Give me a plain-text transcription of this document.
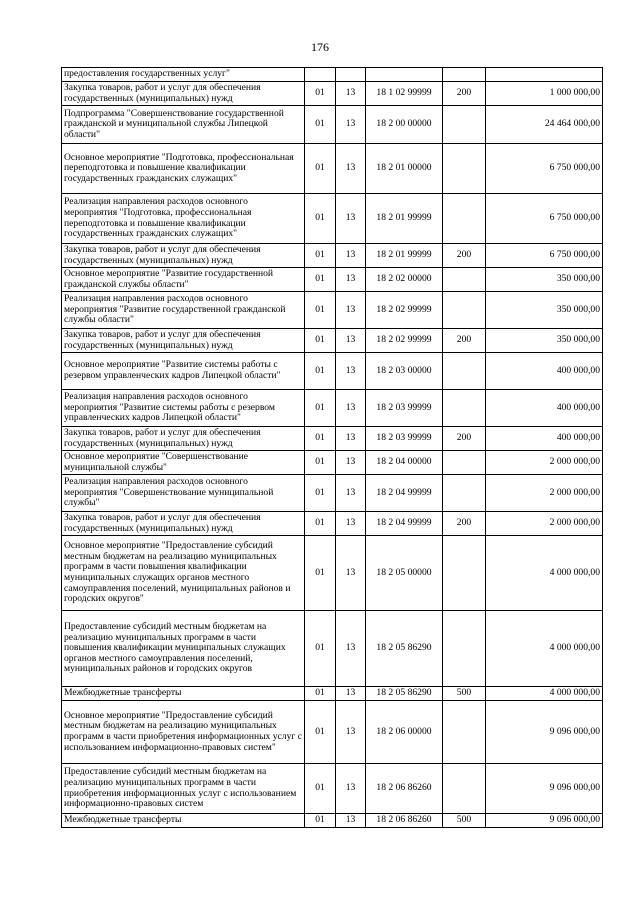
176
предоставления государственных услуг"					
Закупка товаров, работ и услуг для обеспечения государственных (муниципальных) нужд	01	13	18 1 02 99999	200	1 000 000,00
Подпрограмма "Совершенствование государственной гражданской и муниципальной службы Липецкой области"	01	13	18 2 00 00000		24 464 000,00
Основное мероприятие "Подготовка, профессиональная переподготовка и повышение квалификации государственных гражданских служащих"	01	13	18 2 01 00000		6 750 000,00
Реализация направления расходов основного мероприятия "Подготовка, профессиональная переподготовка и повышение квалификации государственных гражданских служащих"	01	13	18 2 01 99999		6 750 000,00
Закупка товаров, работ и услуг для обеспечения государственных (муниципальных) нужд	01	13	18 2 01 99999	200	6 750 000,00
Основное мероприятие "Развитие государственной гражданской службы области"	01	13	18 2 02 00000		350 000,00
Реализация направления расходов основного мероприятия "Развитие государственной гражданской службы области"	01	13	18 2 02 99999		350 000,00
Закупка товаров, работ и услуг для обеспечения государственных (муниципальных) нужд	01	13	18 2 02 99999	200	350 000,00
Основное мероприятие "Развитие системы работы с резервом управленческих кадров Липецкой области"	01	13	18 2 03 00000		400 000,00
Реализация направления расходов основного мероприятия "Развитие системы работы с резервом управленческих кадров Липецкой области"	01	13	18 2 03 99999		400 000,00
Закупка товаров, работ и услуг для обеспечения государственных (муниципальных) нужд	01	13	18 2 03 99999	200	400 000,00
Основное мероприятие "Совершенствование муниципальной службы"	01	13	18 2 04 00000		2 000 000,00
Реализация направления расходов основного мероприятия "Совершенствование муниципальной службы"	01	13	18 2 04 99999		2 000 000,00
Закупка товаров, работ и услуг для обеспечения государственных (муниципальных) нужд	01	13	18 2 04 99999	200	2 000 000,00
Основное мероприятие "Предоставление субсидий местным бюджетам на реализацию муниципальных программ в части повышения квалификации муниципальных служащих органов местного самоуправления поселений, муниципальных районов и городских округов"	01	13	18 2 05 00000		4 000 000,00
Предоставление субсидий местным бюджетам на реализацию муниципальных программ в части повышения квалификации муниципальных служащих органов местного самоуправления поселений, муниципальных районов и городских округов	01	13	18 2 05 86290		4 000 000,00
Межбюджетные трансферты	01	13	18 2 05 86290	500	4 000 000,00
Основное мероприятие "Предоставление субсидий местным бюджетам на реализацию муниципальных программ в части приобретения информационных услуг с использованием информационно-правовых систем"	01	13	18 2 06 00000		9 096 000,00
Предоставление субсидий местным бюджетам на реализацию муниципальных программ в части приобретения информационных услуг с использованием информационно-правовых систем	01	13	18 2 06 86260		9 096 000,00
Межбюджетные трансферты	01	13	18 2 06 86260	500	9 096 000,00
